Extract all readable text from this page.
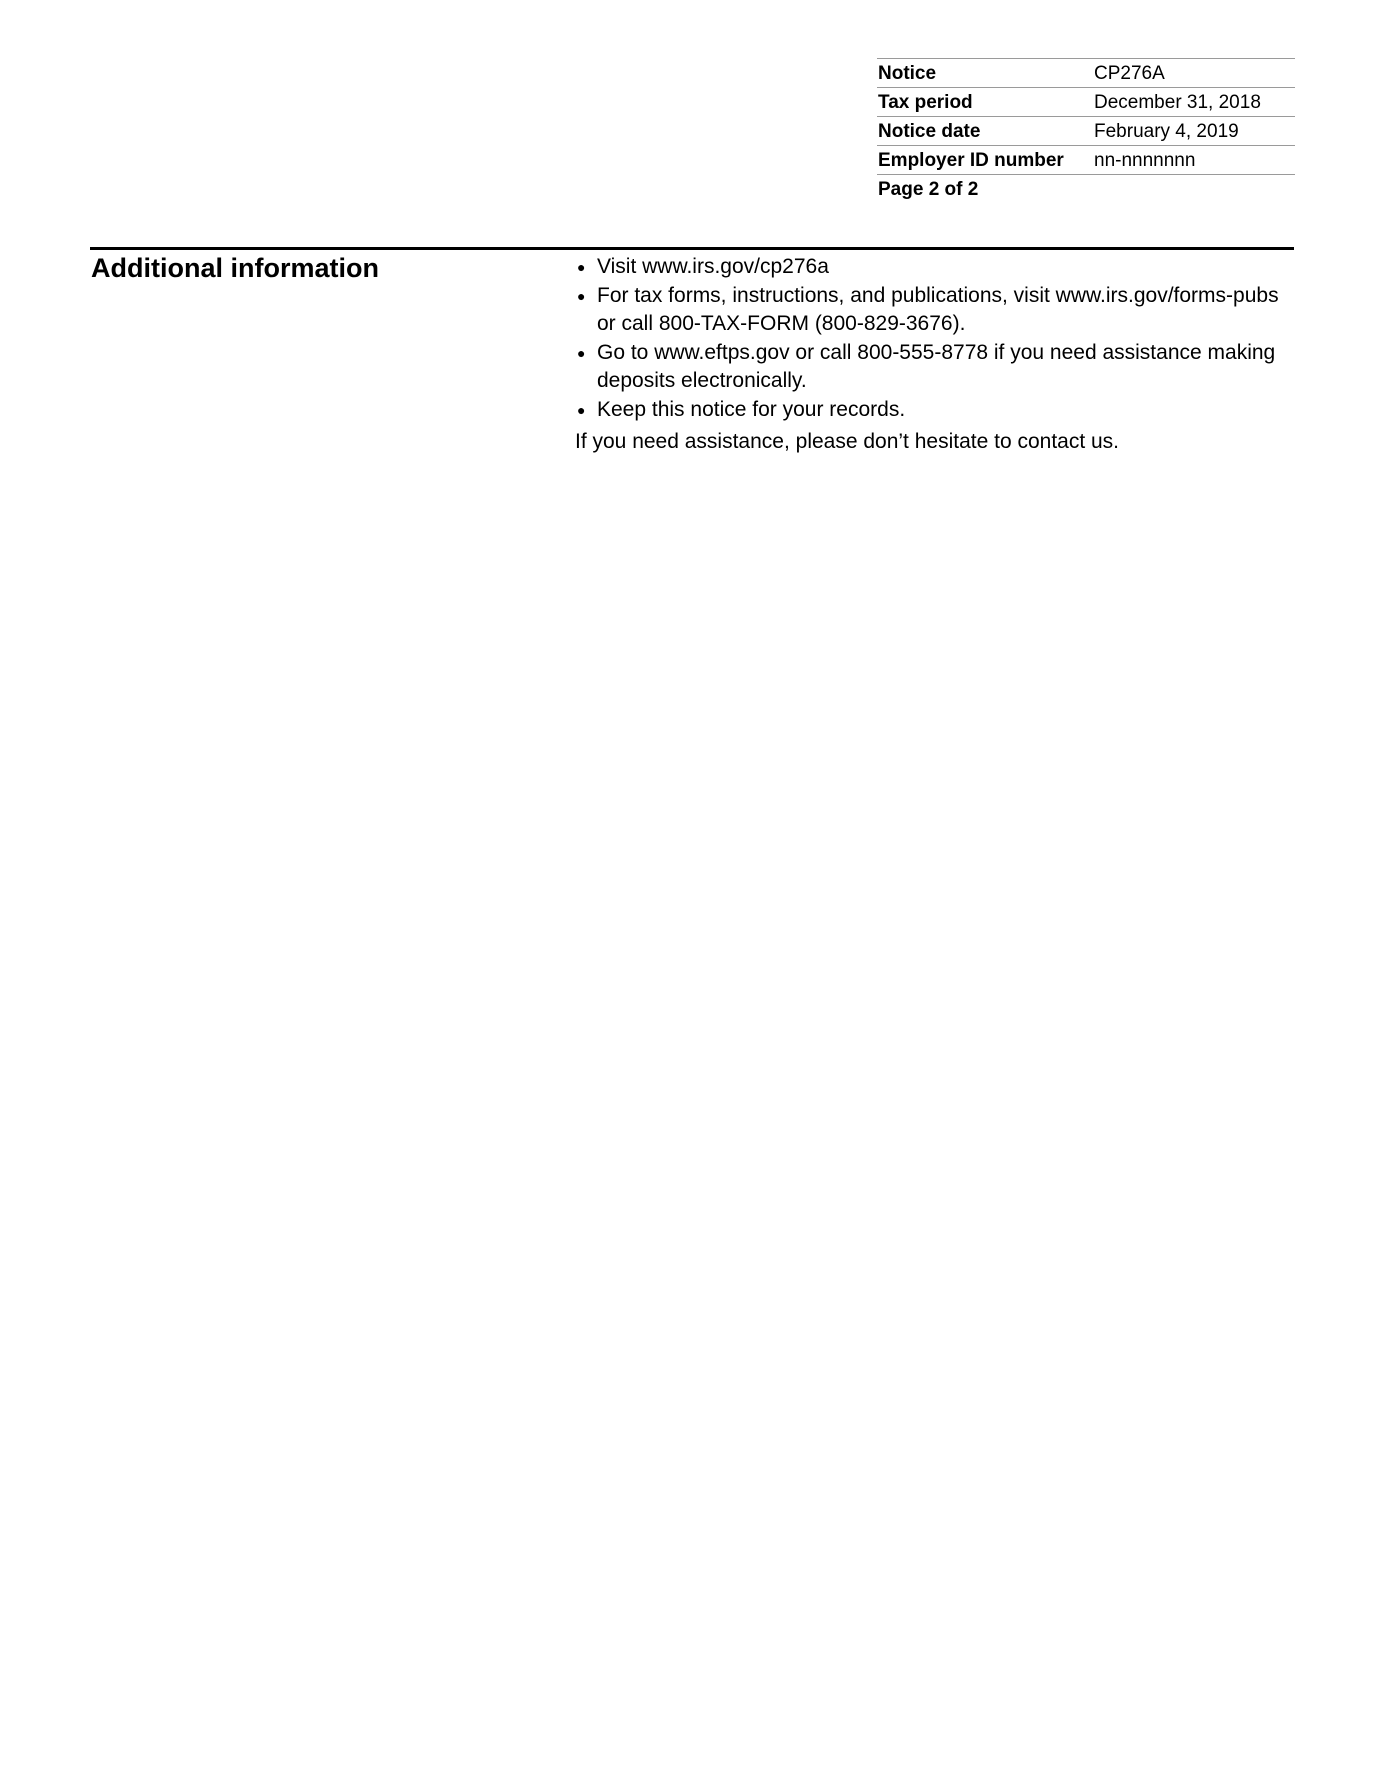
Notice	CP276A
Tax period	December 31, 2018
Notice date	February 4, 2019
Employer ID number	nn-nnnnnnn
Page 2 of 2
Additional information	● Visit www.irs.gov/cp276a
● For tax forms, instructions, and publications, visit www.irs.gov/forms-pubs or call 800-TAX-FORM (800-829-3676).
● Go to www.eftps.gov or call 800-555-8778 if you need assistance making deposits electronically.
● Keep this notice for your records.

If you need assistance, please don’t hesitate to contact us.
